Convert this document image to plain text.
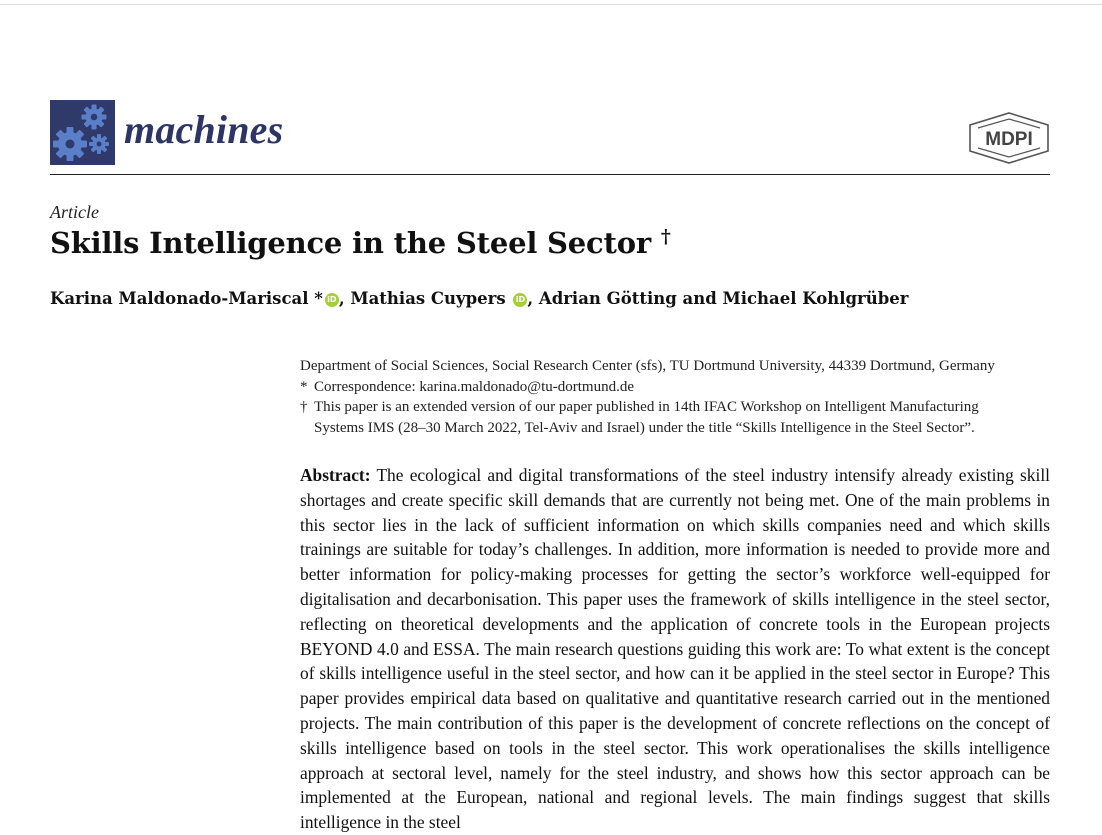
machines	MDPI
Article
Skills Intelligence in the Steel Sector †
Karina Maldonado-Mariscal * iD , Mathias Cuypers iD , Adrian Götting and Michael Kohlgrüber
Department of Social Sciences, Social Research Center (sfs), TU Dortmund University, 44339 Dortmund, Germany
* Correspondence: karina.maldonado@tu-dortmund.de
† This paper is an extended version of our paper published in 14th IFAC Workshop on Intelligent Manufacturing
Systems IMS (28–30 March 2022, Tel-Aviv and Israel) under the title “Skills Intelligence in the Steel Sector”.

Abstract: The ecological and digital transformations of the steel industry intensify already existing skill shortages and create specific skill demands that are currently not being met. One of the main problems in this sector lies in the lack of sufficient information on which skills companies need and which skills trainings are suitable for today’s challenges. In addition, more information is needed to provide more and better information for policy-making processes for getting the sector’s workforce well-equipped for digitalisation and decarbonisation. This paper uses the framework of skills intelligence in the steel sector, reflecting on theoretical developments and the application of concrete tools in the European projects BEYOND 4.0 and ESSA. The main research questions guiding this work are: To what extent is the concept of skills intelligence useful in the steel sector, and how can it be applied in the steel sector in Europe? This paper provides empirical data based on qualitative and quantitative research carried out in the mentioned projects. The main contribution of this paper is the development of concrete reflections on the concept of skills intelligence based on tools in the steel sector. This work operationalises the skills intelligence approach at sectoral level, namely for the steel industry, and shows how this sector approach can be implemented at the European, national and regional levels. The main findings suggest that skills intelligence in the steel
